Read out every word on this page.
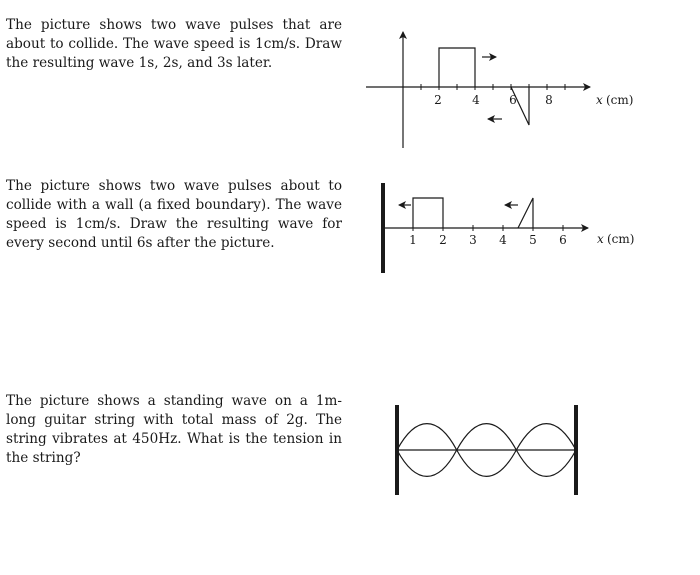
The picture shows two wave pulses that are about to collide. The wave speed is 1cm/s. Draw the resulting wave 1s, 2s, and 3s later.

The picture shows two wave pulses about to collide with a wall (a fixed boundary). The wave speed is 1cm/s. Draw the resulting wave for every second until 6s after the picture.

The picture shows a standing wave on a 1m-long guitar string with total mass of 2g. The string vibrates at 450Hz. What is the tension in the string?

2	4 6 8	x (cm)
1 2 3 4 5 6	x (cm)
